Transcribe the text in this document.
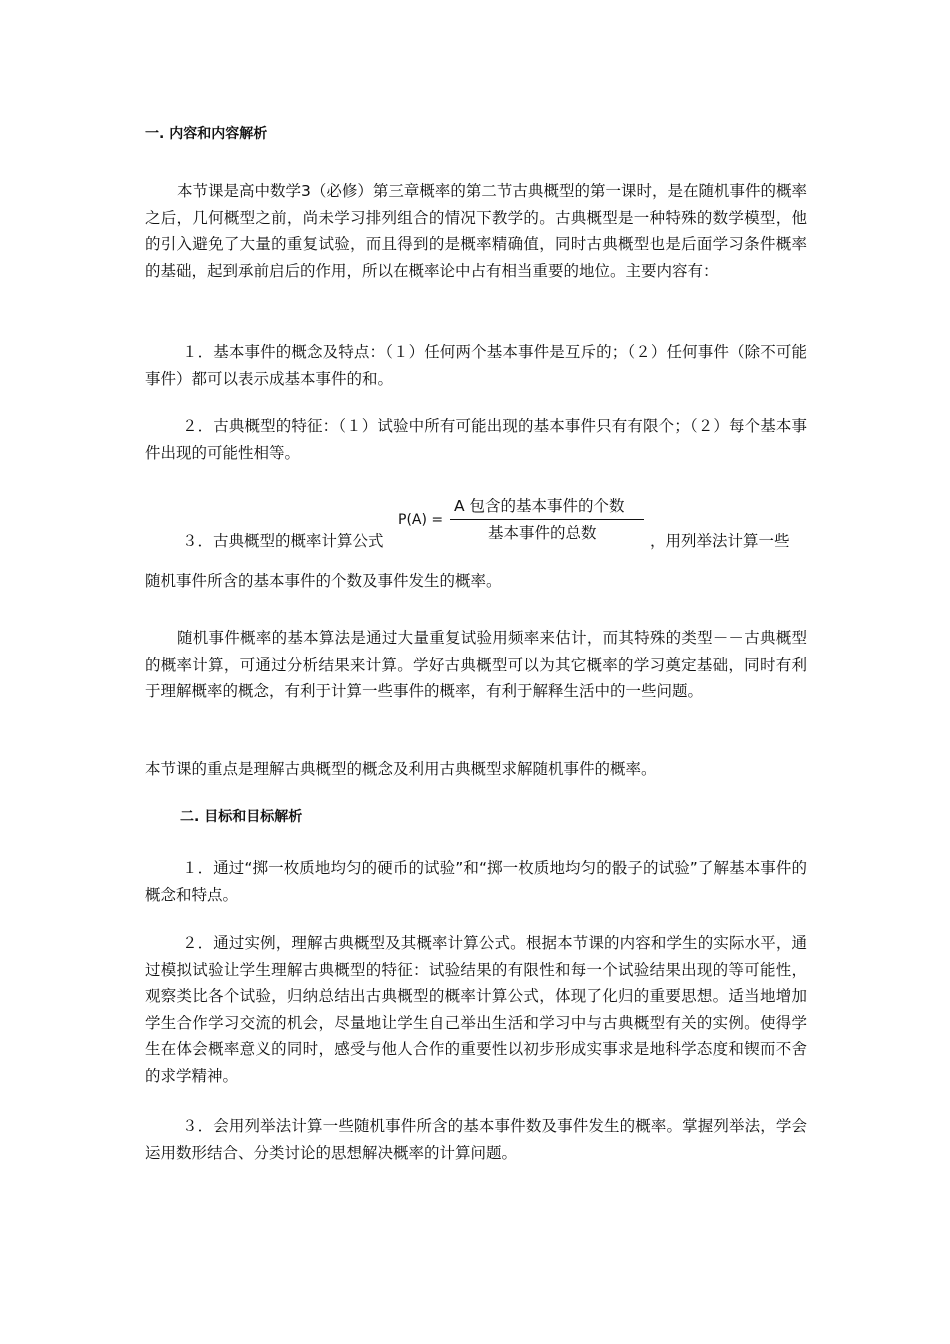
一. 内容和内容解析
本节课是高中数学3（必修）第三章概率的第二节古典概型的第一课时，是在随机事件的概率之后，几何概型之前，尚未学习排列组合的情况下教学的。古典概型是一种特殊的数学模型，他的引入避免了大量的重复试验，而且得到的是概率精确值，同时古典概型也是后面学习条件概率的基础，起到承前启后的作用，所以在概率论中占有相当重要的地位。主要内容有：
１．基本事件的概念及特点：（１）任何两个基本事件是互斥的；（２）任何事件（除不可能事件）都可以表示成基本事件的和。
２．古典概型的特征：（１）试验中所有可能出现的基本事件只有有限个；（２）每个基本事件出现的可能性相等。
３．古典概型的概率计算公式
P(A) =
A 包含的基本事件的个数
基本事件的总数	，用列举法计算一些
随机事件所含的基本事件的个数及事件发生的概率。
随机事件概率的基本算法是通过大量重复试验用频率来估计，而其特殊的类型－－古典概型的概率计算，可通过分析结果来计算。学好古典概型可以为其它概率的学习奠定基础，同时有利于理解概率的概念，有利于计算一些事件的概率，有利于解释生活中的一些问题。
本节课的重点是理解古典概型的概念及利用古典概型求解随机事件的概率。
二. 目标和目标解析
１．通过“掷一枚质地均匀的硬币的试验”和“掷一枚质地均匀的骰子的试验”了解基本事件的概念和特点。
２．通过实例，理解古典概型及其概率计算公式。根据本节课的内容和学生的实际水平，通过模拟试验让学生理解古典概型的特征：试验结果的有限性和每一个试验结果出现的等可能性，观察类比各个试验，归纳总结出古典概型的概率计算公式，体现了化归的重要思想。适当地增加学生合作学习交流的机会，尽量地让学生自己举出生活和学习中与古典概型有关的实例。使得学生在体会概率意义的同时，感受与他人合作的重要性以初步形成实事求是地科学态度和锲而不舍的求学精神。
３．会用列举法计算一些随机事件所含的基本事件数及事件发生的概率。掌握列举法，学会运用数形结合、分类讨论的思想解决概率的计算问题。
